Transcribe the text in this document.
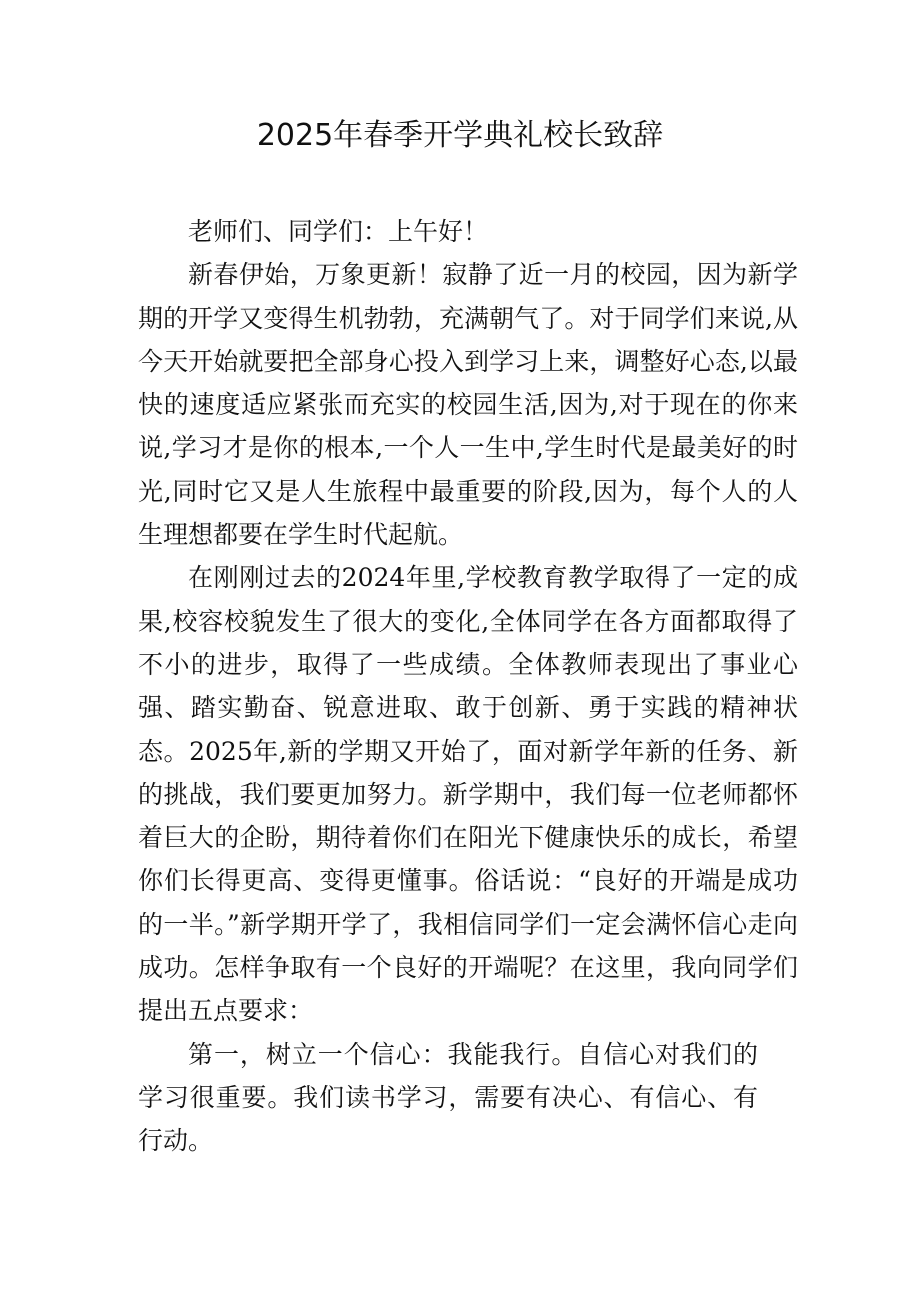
2025年春季开学典礼校长致辞

老师们、同学们：上午好！

新春伊始，万象更新！寂静了近一月的校园，因为新学期的开学又变得生机勃勃，充满朝气了。对于同学们来说,从今天开始就要把全部身心投入到学习上来，调整好心态,以最快的速度适应紧张而充实的校园生活,因为,对于现在的你来说,学习才是你的根本,一个人一生中,学生时代是最美好的时光,同时它又是人生旅程中最重要的阶段,因为，每个人的人生理想都要在学生时代起航。

在刚刚过去的2024年里,学校教育教学取得了一定的成果,校容校貌发生了很大的变化,全体同学在各方面都取得了不小的进步，取得了一些成绩。全体教师表现出了事业心强、踏实勤奋、锐意进取、敢于创新、勇于实践的精神状态。2025年,新的学期又开始了，面对新学年新的任务、新的挑战，我们要更加努力。新学期中，我们每一位老师都怀着巨大的企盼，期待着你们在阳光下健康快乐的成长，希望你们长得更高、变得更懂事。俗话说：“良好的开端是成功的一半。”新学期开学了，我相信同学们一定会满怀信心走向成功。怎样争取有一个良好的开端呢？在这里，我向同学们提出五点要求：

第一，树立一个信心：我能我行。自信心对我们的学习很重要。我们读书学习，需要有决心、有信心、有行动。
